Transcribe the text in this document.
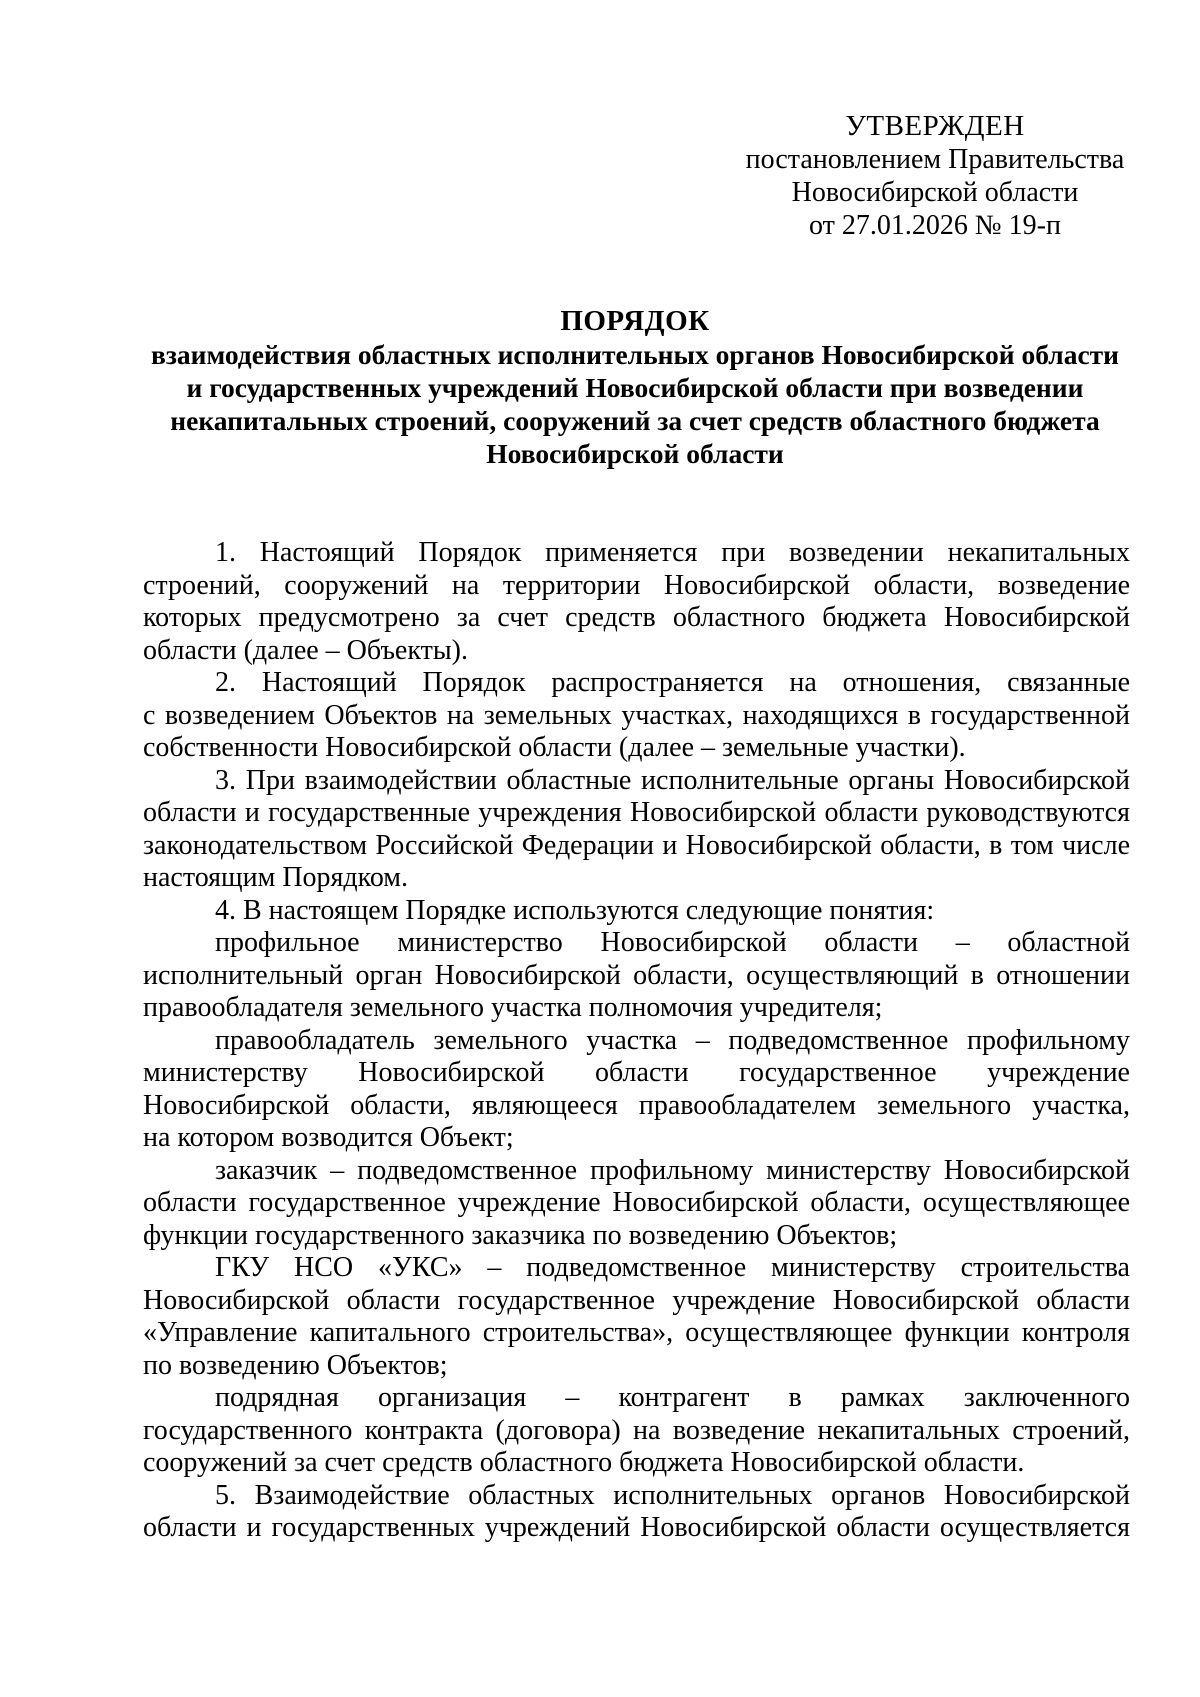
УТВЕРЖДЕН
постановлением Правительства
Новосибирской области
от 27.01.2026 № 19-п
ПОРЯДОК
взаимодействия областных исполнительных органов Новосибирской области
и государственных учреждений Новосибирской области при возведении
некапитальных строений, сооружений за счет средств областного бюджета
Новосибирской области
1. Настоящий Порядок применяется при возведении некапитальных
строений, сооружений на территории Новосибирской области, возведение
которых предусмотрено за счет средств областного бюджета Новосибирской
области (далее – Объекты).
2. Настоящий Порядок распространяется на отношения, связанные
с возведением Объектов на земельных участках, находящихся в государственной
собственности Новосибирской области (далее – земельные участки).
3. При взаимодействии областные исполнительные органы Новосибирской
области и государственные учреждения Новосибирской области руководствуются
законодательством Российской Федерации и Новосибирской области, в том числе
настоящим Порядком.
4. В настоящем Порядке используются следующие понятия:
профильное министерство Новосибирской области – областной
исполнительный орган Новосибирской области, осуществляющий в отношении
правообладателя земельного участка полномочия учредителя;
правообладатель земельного участка – подведомственное профильному
министерству Новосибирской области государственное учреждение
Новосибирской области, являющееся правообладателем земельного участка,
на котором возводится Объект;
заказчик – подведомственное профильному министерству Новосибирской
области государственное учреждение Новосибирской области, осуществляющее
функции государственного заказчика по возведению Объектов;
ГКУ НСО «УКС» – подведомственное министерству строительства
Новосибирской области государственное учреждение Новосибирской области
«Управление капитального строительства», осуществляющее функции контроля
по возведению Объектов;
подрядная организация – контрагент в рамках заключенного
государственного контракта (договора) на возведение некапитальных строений,
сооружений за счет средств областного бюджета Новосибирской области.
5. Взаимодействие областных исполнительных органов Новосибирской
области и государственных учреждений Новосибирской области осуществляется
